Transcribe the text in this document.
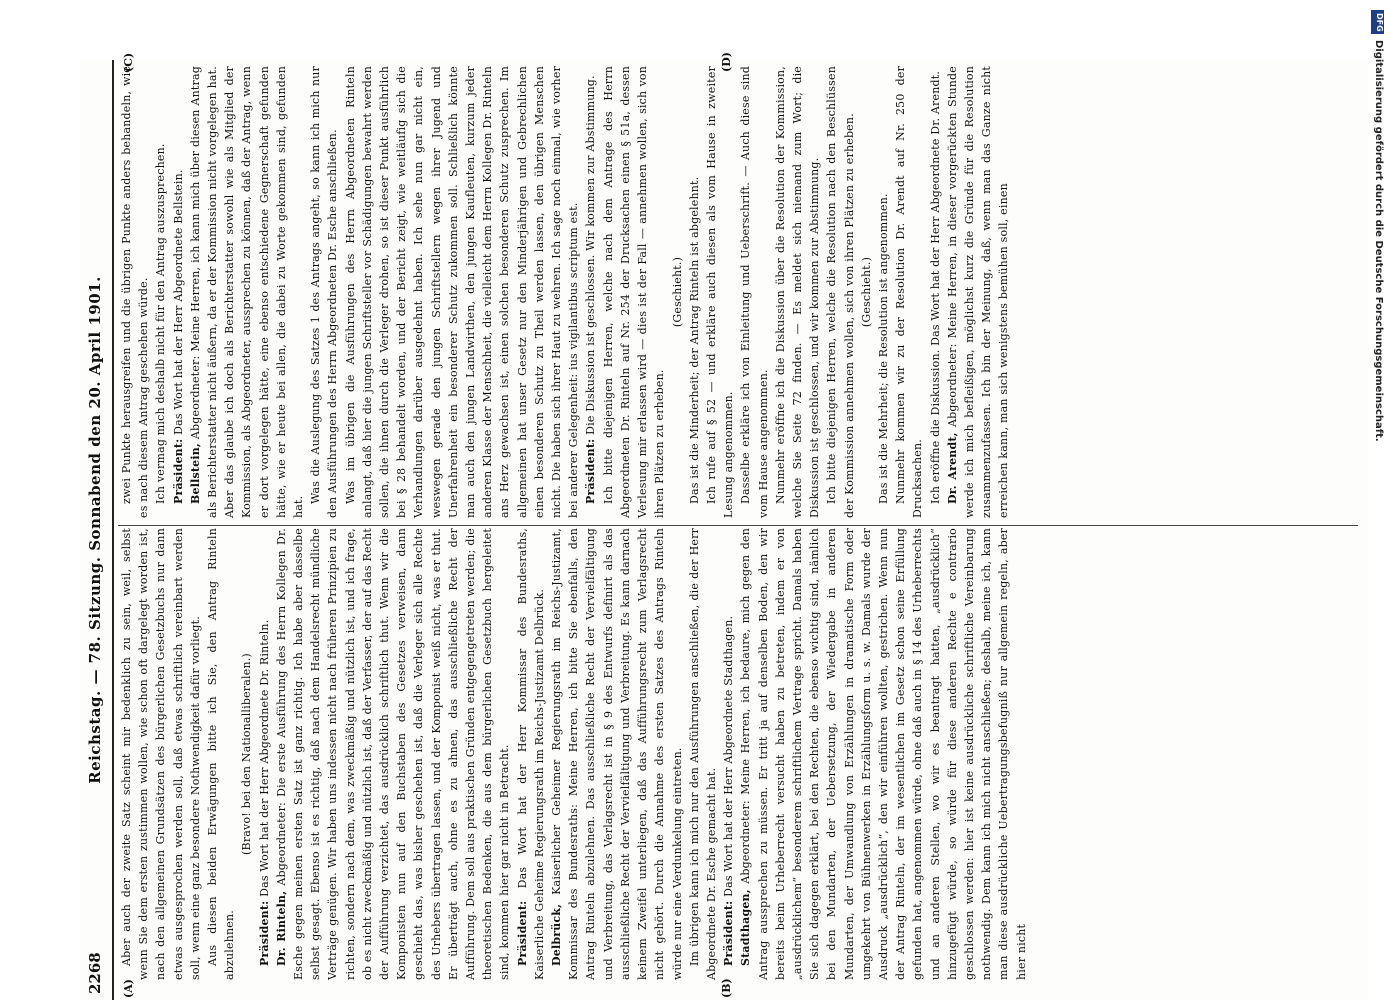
2268
Reichstag. — 78. Sitzung. Sonnabend den 20. April 1901.
(A)	(B)
(C)	(D)

Aber auch der zweite Satz scheint mir bedenklich zu sein, weil, selbst wenn Sie dem ersten zustimmen wollen, wie schon oft dargelegt worden ist, nach den allgemeinen Grundsätzen des bürgerlichen Gesetzbuchs nur dann etwas ausgesprochen werden soll, daß etwas schriftlich vereinbart werden soll, wenn eine ganz besondere Nothwendigkeit dafür vorliegt. Aus diesen beiden Erwägungen bitte ich Sie, den Antrag Rinteln abzulehnen.

(Bravo! bei den Nationalliberalen.)

Präsident: Das Wort hat der Herr Abgeordnete Dr. Rinteln.

Dr. Rinteln, Abgeordneter: Die erste Ausführung des Herrn Kollegen Dr. Esche gegen meinen ersten Satz ist ganz richtig. Ich habe aber dasselbe selbst gesagt. Ebenso ist es richtig, daß nach dem Handelsrecht mündliche Verträge genügen. Wir haben uns indessen nicht nach früheren Prinzipien zu richten, sondern nach dem, was zweckmäßig und nützlich ist, und ich frage, ob es nicht zweckmäßig und nützlich ist, daß der Verfasser, der auf das Recht der Aufführung verzichtet, das ausdrücklich schriftlich thut. Wenn wir die Komponisten nun auf den Buchstaben des Gesetzes verweisen, dann geschieht das, was bisher geschehen ist, daß die Verleger sich alle Rechte des Urhebers übertragen lassen, und der Komponist weiß nicht, was er thut. Er überträgt auch, ohne es zu ahnen, das ausschließliche Recht der Aufführung. Dem soll aus praktischen Gründen entgegengetreten werden; die theoretischen Bedenken, die aus dem bürgerlichen Gesetzbuch hergeleitet sind, kommen hier gar nicht in Betracht. Präsident: Das Wort hat der Herr Kommissar des Bundesraths, Kaiserliche Geheime Regierungsrath im Reichs-Justizamt Delbrück. Delbrück, Kaiserlicher Geheimer Regierungsrath im Reichs-Justizamt, Kommissar des Bundesraths: Meine Herren, ich bitte Sie ebenfalls, den Antrag Rinteln abzulehnen. Das ausschließliche Recht der Vervielfältigung und Verbreitung, das Verlagsrecht ist in § 9 des Entwurfs definirt als das ausschließliche Recht der Vervielfältigung und Verbreitung. Es kann darnach keinem Zweifel unterliegen, daß das Aufführungsrecht zum Verlagsrecht nicht gehört. Durch die Annahme des ersten Satzes des Antrags Rinteln würde nur eine Verdunkelung eintreten. Im übrigen kann ich mich nur den Ausführungen anschließen, die der Herr Abgeordnete Dr. Esche gemacht hat. Präsident: Das Wort hat der Herr Abgeordnete Stadthagen.

Stadthagen, Abgeordneter: Meine Herren, ich bedaure, mich gegen den Antrag aussprechen zu müssen. Er tritt ja auf denselben Boden, den wir bereits beim Urheberrecht versucht haben zu betreten, indem er von „ausdrücklichem“ besonderem schriftlichem Vertrage spricht. Damals haben Sie sich dagegen erklärt, bei den Rechten, die ebenso wichtig sind, nämlich bei den Mundarten, der Uebersetzung, der Wiedergabe in anderen Mundarten, der Umwandlung von Erzählungen in dramatische Form oder umgekehrt von Bühnenwerken in Erzählungsform u. s. w. Damals wurde der Ausdruck „ausdrücklich“, den wir einführen wollten, gestrichen. Wenn nun der Antrag Rinteln, der im wesentlichen im Gesetz schon seine Erfüllung gefunden hat, angenommen würde, ohne daß auch in § 14 des Urheberrechts und an anderen Stellen, wo wir es beantragt hatten, „ausdrücklich“ hinzugefügt würde, so würde für diese anderen Rechte e contrario geschlossen werden: hier ist keine ausdrückliche schriftliche Vereinbarung nothwendig. Dem kann ich mich nicht anschließen; deshalb, meine ich, kann man diese ausdrückliche Uebertragungsbefugniß nur allgemein regeln, aber hier nicht

zwei Punkte herausgreifen und die übrigen Punkte anders behandeln, wie es nach diesem Antrag geschehen würde. Ich vermag mich deshalb nicht für den Antrag auszusprechen. Präsident: Das Wort hat der Herr Abgeordnete Bellstein.

Bellstein, Abgeordneter: Meine Herren, ich kann mich über diesen Antrag als Berichterstatter nicht äußern, da er der Kommission nicht vorgelegen hat. Aber das glaube ich doch als Berichterstatter sowohl wie als Mitglied der Kommission, als Abgeordneter, aussprechen zu können, daß der Antrag, wenn er dort vorgelegen hätte, eine ebenso entschiedene Gegnerschaft gefunden hätte, wie er heute bei allen, die dabei zu Worte gekommen sind, gefunden hat.

Was die Auslegung des Satzes 1 des Antrags angeht, so kann ich mich nur den Ausführungen des Herrn Abgeordneten Dr. Esche anschließen. Was im übrigen die Ausführungen des Herrn Abgeordneten Rinteln anlangt, daß hier die jungen Schriftsteller vor Schädigungen bewahrt werden sollen, die ihnen durch die Verleger drohen, so ist dieser Punkt ausführlich bei § 28 behandelt worden, und der Bericht zeigt, wie weitläufig sich die Verhandlungen darüber ausgedehnt haben. Ich sehe nun gar nicht ein, weswegen gerade den jungen Schriftstellern wegen ihrer Jugend und Unerfahrenheit ein besonderer Schutz zukommen soll. Schließlich könnte man auch den jungen Landwirthen, den jungen Kaufleuten, kurzum jeder anderen Klasse der Menschheit, die vielleicht dem Herrn Kollegen Dr. Rinteln ans Herz gewachsen ist, einen solchen besonderen Schutz zusprechen. Im allgemeinen hat unser Gesetz nur den Minderjährigen und Gebrechlichen einen besonderen Schutz zu Theil werden lassen, den übrigen Menschen nicht. Die haben sich ihrer Haut zu wehren. Ich sage noch einmal, wie vorher bei anderer Gelegenheit: ius vigilantibus scriptum est. Präsident: Die Diskussion ist geschlossen. Wir kommen zur Abstimmung. Ich bitte diejenigen Herren, welche nach dem Antrage des Herrn Abgeordneten Dr. Rinteln auf Nr. 254 der Drucksachen einen § 51a, dessen Verlesung mir erlassen wird — dies ist der Fall — annehmen wollen, sich von ihren Plätzen zu erheben.

(Geschieht.) Das ist die Minderheit; der Antrag Rinteln ist abgelehnt. Ich rufe auf § 52 — und erkläre auch diesen als vom Hause in zweiter Lesung angenommen. Dasselbe erkläre ich von Einleitung und Ueberschrift. — Auch diese sind vom Hause angenommen. Nunmehr eröffne ich die Diskussion über die Resolution der Kommission, welche Sie Seite 72 finden. — Es meldet sich niemand zum Wort; die Diskussion ist geschlossen, und wir kommen zur Abstimmung. Ich bitte diejenigen Herren, welche die Resolution nach den Beschlüssen der Kommission annehmen wollen, sich von ihren Plätzen zu erheben. (Geschieht.) Das ist die Mehrheit; die Resolution ist angenommen. Nunmehr kommen wir zu der Resolution Dr. Arendt auf Nr. 250 der Drucksachen. Ich eröffne die Diskussion. Das Wort hat der Herr Abgeordnete Dr. Arendt. Dr. Arendt, Abgeordneter: Meine Herren, in dieser vorgerückten Stunde werde ich mich befleißigen, möglichst kurz die Gründe für die Resolution zusammenzufassen. Ich bin der Meinung, daß, wenn man das Ganze nicht erreichen kann, man sich wenigstens bemühen soll, einen

DFG
Digitalisierung gefördert durch die Deutsche Forschungsgemeinschaft.
